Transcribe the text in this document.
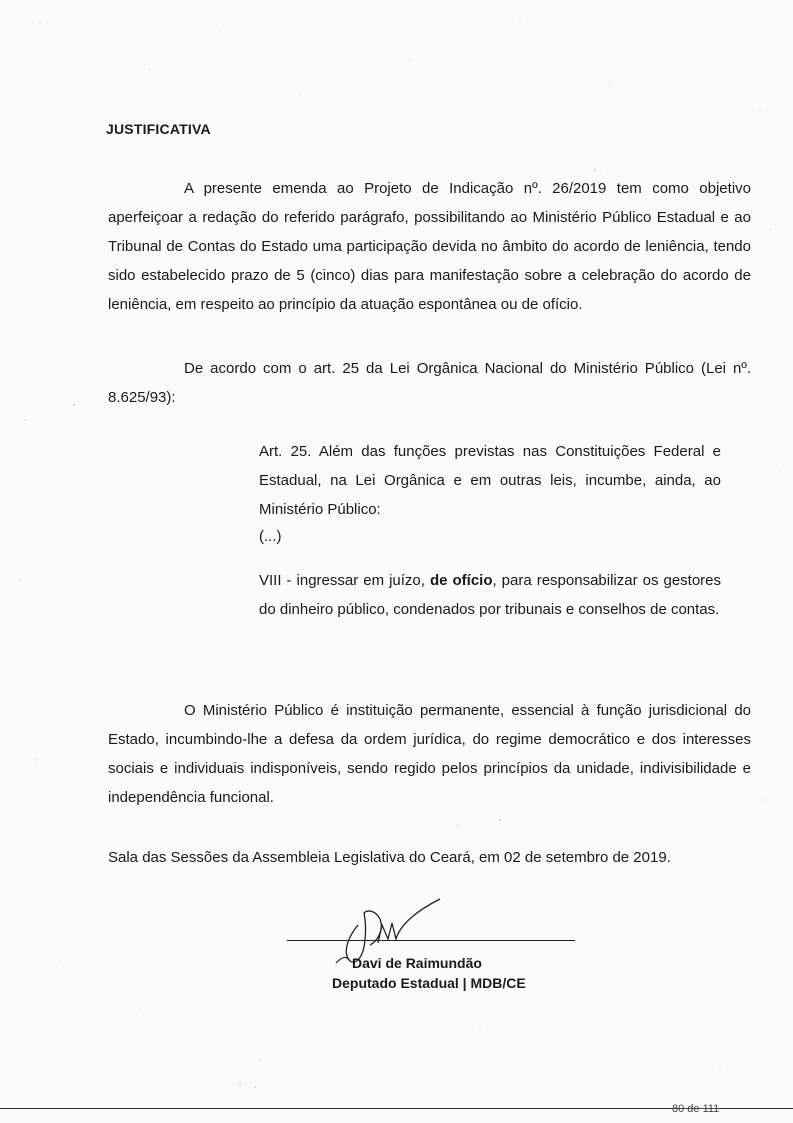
JUSTIFICATIVA

A presente emenda ao Projeto de Indicação nº. 26/2019 tem como objetivo aperfeiçoar a redação do referido parágrafo, possibilitando ao Ministério Público Estadual e ao Tribunal de Contas do Estado uma participação devida no âmbito do acordo de leniência, tendo sido estabelecido prazo de 5 (cinco) dias para manifestação sobre a celebração do acordo de leniência, em respeito ao princípio da atuação espontânea ou de ofício.

De acordo com o art. 25 da Lei Orgânica Nacional do Ministério Público (Lei nº. 8.625/93):

Art. 25. Além das funções previstas nas Constituições Federal e Estadual, na Lei Orgânica e em outras leis, incumbe, ainda, ao Ministério Público:

(...)

VIII - ingressar em juízo, de ofício, para responsabilizar os gestores do dinheiro público, condenados por tribunais e conselhos de contas.

O Ministério Público é instituição permanente, essencial à função jurisdicional do Estado, incumbindo-lhe a defesa da ordem jurídica, do regime democrático e dos interesses sociais e individuais indisponíveis, sendo regido pelos princípios da unidade, indivisibilidade e independência funcional.

Sala das Sessões da Assembleia Legislativa do Ceará, em 02 de setembro de 2019.

Davi de Raimundão
Deputado Estadual | MDB/CE
80 de 111
